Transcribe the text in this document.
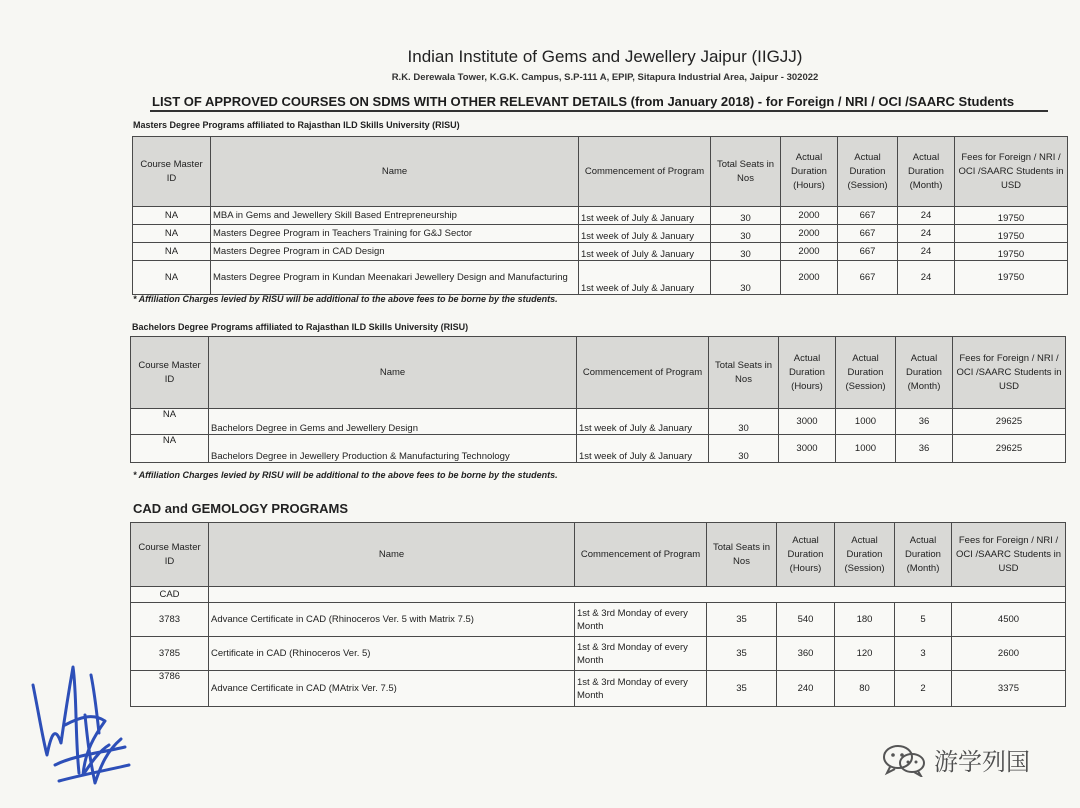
Indian Institute of Gems and Jewellery Jaipur (IIGJJ)
R.K. Derewala Tower, K.G.K. Campus, S.P-111 A, EPIP, Sitapura Industrial Area, Jaipur - 302022
LIST OF APPROVED COURSES ON SDMS WITH OTHER RELEVANT DETAILS (from January 2018) - for Foreign / NRI / OCI /SAARC Students
Masters Degree Programs affiliated to Rajasthan ILD Skills University (RISU)
Course Master ID	Name	Commencement of Program	Total Seats in Nos	Actual Duration (Hours)	Actual Duration (Session)	Actual Duration (Month)	Fees for Foreign / NRI / OCI /SAARC Students in USD
NA	MBA in Gems and Jewellery Skill Based Entrepreneurship	1st week of July & January	30	2000	667	24	19750
NA	Masters Degree Program in Teachers Training for G&J Sector	1st week of July & January	30	2000	667	24	19750
NA	Masters Degree Program in CAD Design	1st week of July & January	30	2000	667	24	19750
NA	Masters Degree Program in Kundan Meenakari Jewellery Design and Manufacturing	1st week of July & January	30	2000	667	24	19750
* Affiliation Charges levied by RISU will be additional to the above fees to be borne by the students.
Bachelors Degree Programs affiliated to Rajasthan ILD Skills University (RISU)
Course Master ID	Name	Commencement of Program	Total Seats in Nos	Actual Duration (Hours)	Actual Duration (Session)	Actual Duration (Month)	Fees for Foreign / NRI / OCI /SAARC Students in USD
NA	Bachelors Degree in Gems and Jewellery Design	1st week of July & January	30	3000	1000	36	29625
NA	Bachelors Degree in Jewellery Production & Manufacturing Technology	1st week of July & January	30	3000	1000	36	29625
* Affiliation Charges levied by RISU will be additional to the above fees to be borne by the students.
CAD and GEMOLOGY PROGRAMS
Course Master ID	Name	Commencement of Program	Total Seats in Nos	Actual Duration (Hours)	Actual Duration (Session)	Actual Duration (Month)	Fees for Foreign / NRI / OCI /SAARC Students in USD
CAD							
3783	Advance Certificate in CAD (Rhinoceros Ver. 5 with Matrix 7.5)	1st & 3rd Monday of every Month	35	540	180	5	4500
3785	Certificate in CAD (Rhinoceros Ver. 5)	1st & 3rd Monday of every Month	35	360	120	3	2600
3786	Advance Certificate in CAD (MAtrix Ver. 7.5)	1st & 3rd Monday of every Month	35	240	80	2	3375
游学列国
